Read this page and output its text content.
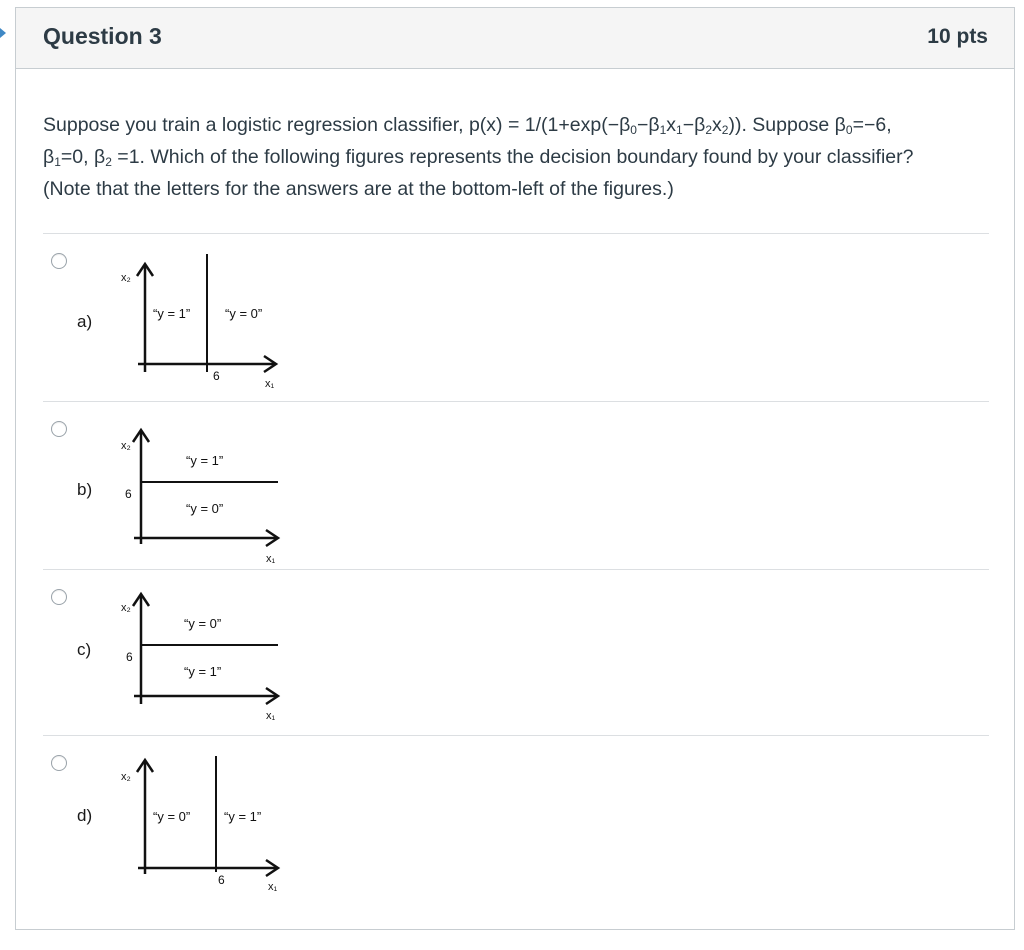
Question 3	10 pts
Suppose you train a logistic regression classifier, $p(x) = 1/(1+\exp(-\beta_0-\beta_1x_1-\beta_2x_2))$. Suppose $\beta_0=-6$,
$\beta_1=0$, $\beta_2 =1$. Which of the following figures represents the decision boundary found by your classifier?
(Note that the letters for the answers are at the bottom-left of the figures.)
a)
x₂
“y = 1”	“y = 0”
6
x₁
b)
x₂
“y = 1”
“y = 0”
6
x₁
c)
x₂
“y = 0”
“y = 1”
6
x₁
d)
x₂
“y = 0”	“y = 1”
6	x₁
